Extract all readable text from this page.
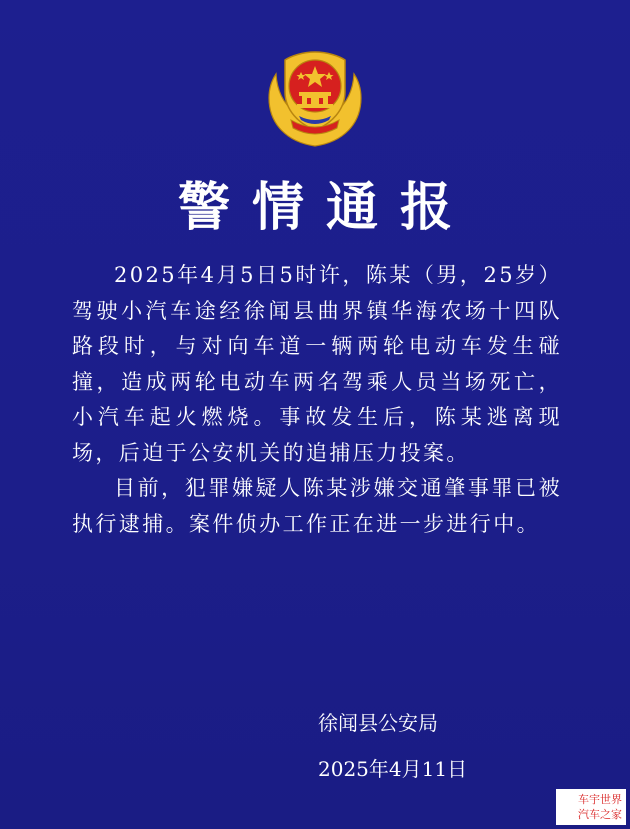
警情通报

2025年4月5日5时许，陈某（男，25岁）驾驶小汽车途经徐闻县曲界镇华海农场十四队路段时，与对向车道一辆两轮电动车发生碰撞，造成两轮电动车两名驾乘人员当场死亡，小汽车起火燃烧。事故发生后，陈某逃离现场，后迫于公安机关的追捕压力投案。

目前，犯罪嫌疑人陈某涉嫌交通肇事罪已被执行逮捕。案件侦办工作正在进一步进行中。

徐闻县公安局
2025年4月11日
车宇世界
汽车之家
